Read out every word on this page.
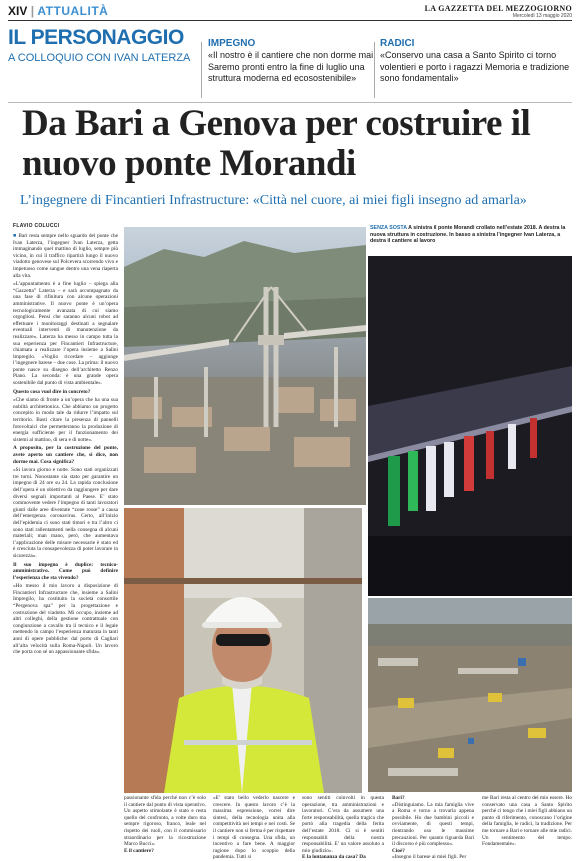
XIV | ATTUALITÀ	LA GAZZETTA DEL MEZZOGIORNO
Mercoledì 13 maggio 2020
IL PERSONAGGIO
A COLLOQUIO CON IVAN LATERZA
IMPEGNO
«Il nostro è il cantiere che non dorme mai Saremo pronti entro la fine di luglio una struttura moderna ed ecosostenibile»
RADICI
«Conservo una casa a Santo Spirito ci torno volentieri e porto i ragazzi Memoria e tradizione sono fondamentali»
Da Bari a Genova per costruire il nuovo ponte Morandi
L’ingegnere di Fincantieri Infrastructure: «Città nel cuore, ai miei figli insegno ad amarla»
FLAVIO COLUCCI

■ Bari resta sempre nello sguardo del ponte che Ivan Laterza, l’ingegner Ivan Laterza, getta immaginando quel mattino di luglio, sempre più vicino, in cui il traffico ripartirà lungo il nuovo viadotto genovese sul Polcevera scorrendo vivo e impetuoso come sangue dentro una vena riaperta alla vita.

«L’appuntamento è a fine luglio – spiega alla “Gazzetta” Laterza – e sarà accompagnato da una fase di rifinitura con alcune operazioni amministrative. Il nuovo ponte è un’opera tecnologicamente avanzata di cui siamo orgogliosi. Pensi che saranno alcuni robot ad effettuare i monitoraggi destinati a segnalare eventuali interventi di manutenzione da realizzare». Laterza ha messo in campo tutta la sua esperienza per Fincantieri Infrastructure, chiamata a realizzare l’opera insieme a Salini Impregilo. «Voglio ricordare – aggiunge l’ingegnere barese – due cose. La prima: il nuovo ponte nasce su disegno dell’architetto Renzo Piano. La seconda: è una grande opera sostenibile dal punto di vista ambientale».

Questo cosa vuol dire in concreto?

«Che siamo di fronte a un’opera che ha una sua nobiltà architettonica. Che abbiamo un progetto concepito in modo tale da ridurre l’impatto sul territorio. Basti citare la presenza di pannelli fotovoltaici che permetteranno la produzione di energia sufficiente per il funzionamento dei sistemi al mattino, di sera e di notte».

A proposito, per la costruzione del ponte, avete aperto un cantiere che, si dice, non dorme mai. Cosa significa?

«Si lavora giorno e notte. Sono stati organizzati tre turni. Nonostante sia stato per garantire un impegno di 24 ore su 24. La rapida conclusione dell’opera è un obiettivo da raggiungere per dare diversi segnali importanti al Paese. E’ stato commovente vedere l’impegno di tanti lavoratori giunti dalle aree diventate “zone rosse” a causa dell’emergenza coronavirus. Certo, all’inizio dell’epidemia ci sono stati timori e tra l’altro ci sono stati rallentamenti nella consegna di alcuni materiali; man mano, però, che aumentava l’applicazione delle misure necessarie è stato ed è cresciuta la consapevolezza di poter lavorare in sicurezza».

Il suo impegno è duplice: tecnico-amministrativo. Come può definire l’esperienza che sta vivendo?

«Ho messo il mio lavoro a disposizione di Fincantieri Infrastructure che, insieme a Salini Impregilo, ha costituito la società consortile “Pergenova spa” per la progettazione e costruzione del viadotto. Mi occupo, insieme ad altri colleghi, della gestione contrattuale con congiunzione a cavallo tra il tecnico e il legale mettendo in campo l’esperienza maturata in tanti anni di opere pubbliche: dal porto di Cagliari all’alta velocità sulla Roma-Napoli. Un lavoro che porta con sé un appassionante sfida».

SENZA SOSTA A sinistra il ponte Morandi crollato nell’estate 2018. A destra la nuova struttura in costruzione. In basso a sinistra l’ingegner Ivan Laterza, a destra il cantiere al lavoro
passionante sfida perché non c’è solo il cantiere dal punto di vista operativo. Un aspetto stimolante è stato e resta quello del confronto, a volte duro ma sempre rigoroso, franco, leale nel rispetto dei ruoli, con il commissario straordinario per la ricostruzione Marco Bucci».
E il cantiere?
«E’ stato bello vederlo nascere e crescere. In questo lavoro c’è la massima espressione, vorrei dire sintesi, della tecnologia unita alla competitività nei tempi e nei costi. Se il cantiere non si ferma è per rispettare i tempi di consegna. Una sfida, un incentivo a fare bene. A maggior ragione dopo lo scoppio della pandemia. Tutti si
sono sentiti coinvolti in questa operazione, tra amministrazioni e lavoratori. C’era da assumere una forte responsabilità, quella tragica che portò alla tragedia della ferita dell’estate 2018. Ci si è sentiti responsabili della nostra responsabilità. E’ un valore assoluto a mio giudizio».
E la lontananza da casa? Da
Bari?
«Distinguiamo. La mia famiglia vive a Roma e torno a trovarla appena possibile. Ho due bambini piccoli e ovviamente, di questi tempi, rientrando uso le massime precauzioni. Per quanto riguarda Bari il discorso è più complesso».
Cioè?
«Insegno il barese ai miei figli. Per
me Bari resta al centro del mio essere. Ho conservato una casa a Santo Spirito perché ci tengo che i miei figli abbiano un punto di riferimento, conoscano l’origine della famiglia, le radici, la tradizione. Per me tornare a Bari e tornare alle mie radici. Un sentimento del tempo. Fondamentale».
